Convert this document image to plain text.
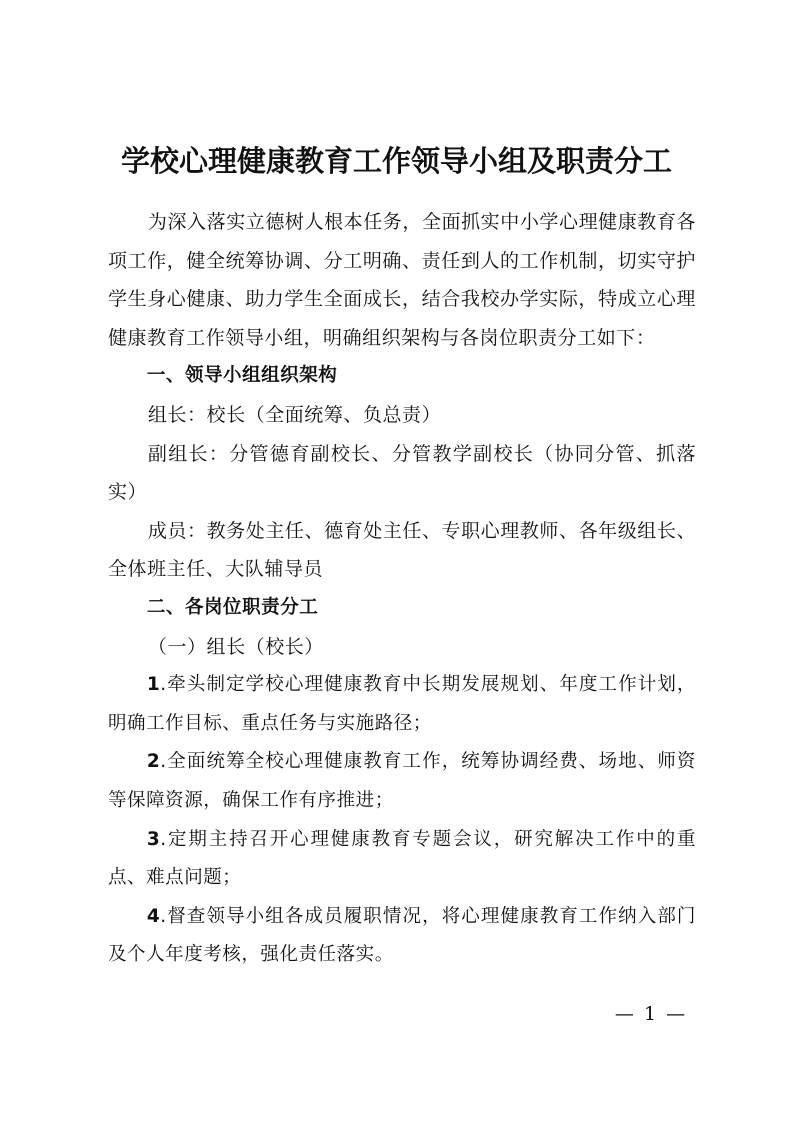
学校心理健康教育工作领导小组及职责分工

为深入落实立德树人根本任务，全面抓实中小学心理健康教育各项工作，健全统筹协调、分工明确、责任到人的工作机制，切实守护学生身心健康、助力学生全面成长，结合我校办学实际，特成立心理健康教育工作领导小组，明确组织架构与各岗位职责分工如下：

一、领导小组组织架构

组长：校长（全面统筹、负总责）

副组长：分管德育副校长、分管教学副校长（协同分管、抓落实）

成员：教务处主任、德育处主任、专职心理教师、各年级组长、全体班主任、大队辅导员

二、各岗位职责分工

（一）组长（校长）

1.牵头制定学校心理健康教育中长期发展规划、年度工作计划，明确工作目标、重点任务与实施路径；

2.全面统筹全校心理健康教育工作，统筹协调经费、场地、师资等保障资源，确保工作有序推进；

3.定期主持召开心理健康教育专题会议，研究解决工作中的重点、难点问题；

4.督查领导小组各成员履职情况，将心理健康教育工作纳入部门及个人年度考核，强化责任落实。

— 1 —
